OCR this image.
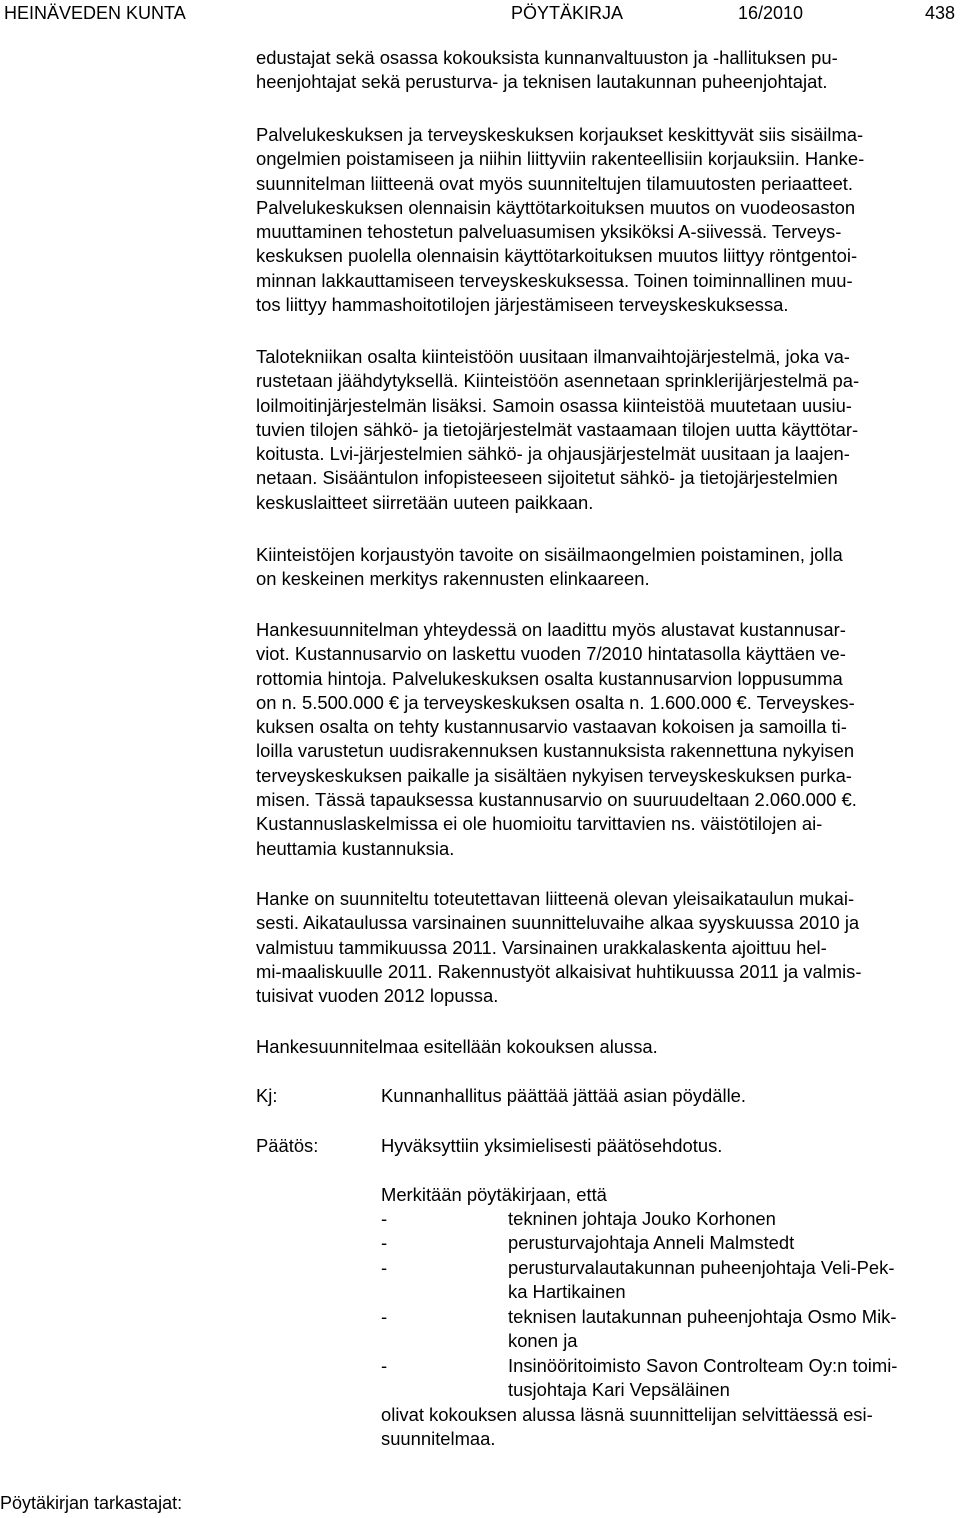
HEINÄVEDEN KUNTA	PÖYTÄKIRJA	16/2010	438
edustajat sekä osassa kokouksista kunnanvaltuuston ja -hallituksen pu-
heenjohtajat sekä perusturva- ja teknisen lautakunnan puheenjohtajat.
Palvelukeskuksen ja terveyskeskuksen korjaukset keskittyvät siis sisäilma-
ongelmien poistamiseen ja niihin liittyviin rakenteellisiin korjauksiin. Hanke-
suunnitelman liitteenä ovat myös suunniteltujen tilamuutosten periaatteet.
Palvelukeskuksen olennaisin käyttötarkoituksen muutos on vuodeosaston
muuttaminen tehostetun palveluasumisen yksiköksi A-siivessä. Terveys-
keskuksen puolella olennaisin käyttötarkoituksen muutos liittyy röntgentoi-
minnan lakkauttamiseen terveyskeskuksessa. Toinen toiminnallinen muu-
tos liittyy hammashoitotilojen järjestämiseen terveyskeskuksessa.
Talotekniikan osalta kiinteistöön uusitaan ilmanvaihtojärjestelmä, joka va-
rustetaan jäähdytyksellä. Kiinteistöön asennetaan sprinklerijärjestelmä pa-
loilmoitinjärjestelmän lisäksi. Samoin osassa kiinteistöä muutetaan uusiu-
tuvien tilojen sähkö- ja tietojärjestelmät vastaamaan tilojen uutta käyttötar-
koitusta. Lvi-järjestelmien sähkö- ja ohjausjärjestelmät uusitaan ja laajen-
netaan. Sisääntulon infopisteeseen sijoitetut sähkö- ja tietojärjestelmien
keskuslaitteet siirretään uuteen paikkaan.
Kiinteistöjen korjaustyön tavoite on sisäilmaongelmien poistaminen, jolla
on keskeinen merkitys rakennusten elinkaareen.
Hankesuunnitelman yhteydessä on laadittu myös alustavat kustannusar-
viot. Kustannusarvio on laskettu vuoden 7/2010 hintatasolla käyttäen ve-
rottomia hintoja. Palvelukeskuksen osalta kustannusarvion loppusumma
on n. 5.500.000 € ja terveyskeskuksen osalta n. 1.600.000 €. Terveyskes-
kuksen osalta on tehty kustannusarvio vastaavan kokoisen ja samoilla ti-
loilla varustetun uudisrakennuksen kustannuksista rakennettuna nykyisen
terveyskeskuksen paikalle ja sisältäen nykyisen terveyskeskuksen purka-
misen. Tässä tapauksessa kustannusarvio on suuruudeltaan 2.060.000 €.
Kustannuslaskelmissa ei ole huomioitu tarvittavien ns. väistötilojen ai-
heuttamia kustannuksia.
Hanke on suunniteltu toteutettavan liitteenä olevan yleisaikataulun mukai-
sesti. Aikataulussa varsinainen suunnitteluvaihe alkaa syyskuussa 2010 ja
valmistuu tammikuussa 2011. Varsinainen urakkalaskenta ajoittuu hel-
mi-maaliskuulle 2011. Rakennustyöt alkaisivat huhtikuussa 2011 ja valmis-
tuisivat vuoden 2012 lopussa.
Hankesuunnitelmaa esitellään kokouksen alussa.
Kj:	Kunnanhallitus päättää jättää asian pöydälle.
Päätös:	Hyväksyttiin yksimielisesti päätösehdotus.
Merkitään pöytäkirjaan, että
-	tekninen johtaja Jouko Korhonen
-	perusturvajohtaja Anneli Malmstedt
-	perusturvalautakunnan puheenjohtaja Veli-Pek-
ka Hartikainen
-	teknisen lautakunnan puheenjohtaja Osmo Mik-
konen ja
-	Insinööritoimisto Savon Controlteam Oy:n toimi-
tusjohtaja Kari Vepsäläinen
olivat kokouksen alussa läsnä suunnittelijan selvittäessä esi-
suunnitelmaa.
Pöytäkirjan tarkastajat:
